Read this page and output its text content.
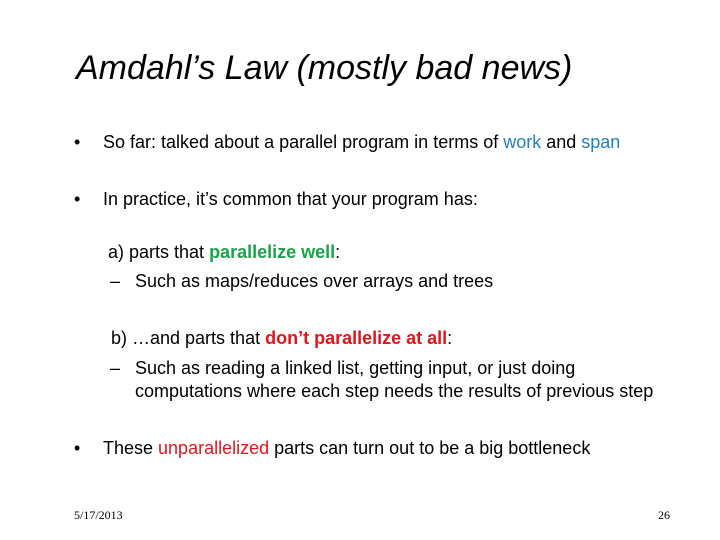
Amdahl’s Law (mostly bad news)
• So far: talked about a parallel program in terms of work and span
• In practice, it’s common that your program has:
a) parts that parallelize well:
– Such as maps/reduces over arrays and trees
b) …and parts that don’t parallelize at all:
– Such as reading a linked list, getting input, or just doing
computations where each step needs the results of previous step
• These unparallelized parts can turn out to be a big bottleneck
5/17/2013	26
